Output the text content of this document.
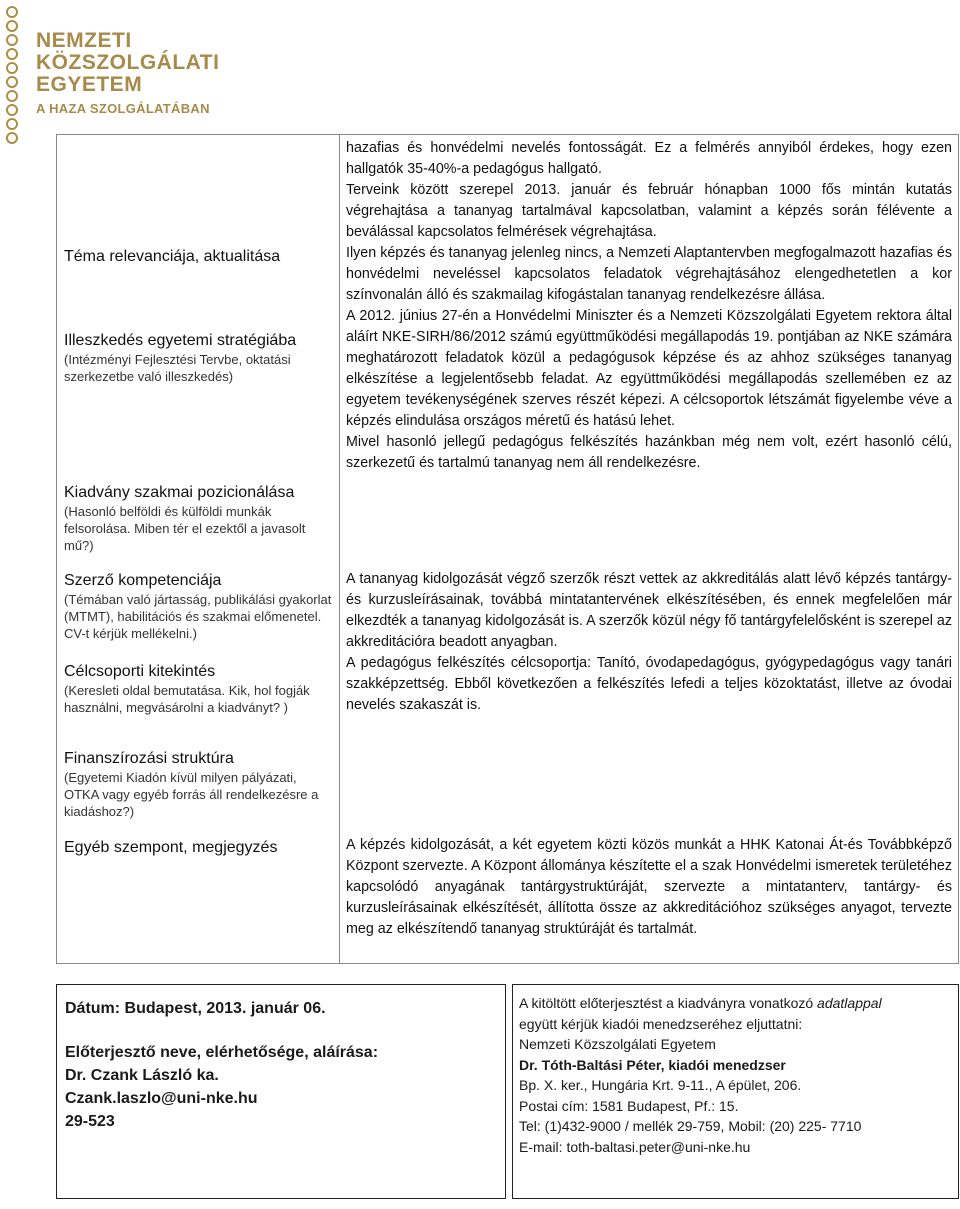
NEMZETI
KÖZSZOLGÁLATI
EGYETEM
A HAZA SZOLGÁLATÁBAN
Téma relevanciája, aktualitása
Illeszkedés egyetemi stratégiába
(Intézményi Fejlesztési Tervbe, oktatási szerkezetbe való illeszkedés)
Kiadvány szakmai pozicionálása
(Hasonló belföldi és külföldi munkák felsorolása. Miben tér el ezektől a javasolt mű?)
Szerző kompetenciája
(Témában való jártasság, publikálási gyakorlat (MTMT), habilitációs és szakmai előmenetel. CV-t kérjük mellékelni.)
Célcsoporti kitekintés
(Keresleti oldal bemutatása. Kik, hol fogják használni, megvásárolni a kiadványt? )
Finanszírozási struktúra
(Egyetemi Kiadón kívül milyen pályázati, OTKA vagy egyéb forrás áll rendelkezésre a kiadáshoz?)
Egyéb szempont, megjegyzés

hazafias és honvédelmi nevelés fontosságát. Ez a felmérés annyiból érdekes, hogy ezen hallgatók 35-40%-a pedagógus hallgató.

Terveink között szerepel 2013. január és február hónapban 1000 fős mintán kutatás végrehajtása a tananyag tartalmával kapcsolatban, valamint a képzés során félévente a beválással kapcsolatos felmérések végrehajtása.

Ilyen képzés és tananyag jelenleg nincs, a Nemzeti Alaptantervben megfogalmazott hazafias és honvédelmi neveléssel kapcsolatos feladatok végrehajtásához elengedhetetlen a kor színvonalán álló és szakmailag kifogástalan tananyag rendelkezésre állása.

A 2012. június 27-én a Honvédelmi Miniszter és a Nemzeti Közszolgálati Egyetem rektora által aláírt NKE-SIRH/86/2012 számú együttműködési megállapodás 19. pontjában az NKE számára meghatározott feladatok közül a pedagógusok képzése és az ahhoz szükséges tananyag elkészítése a legjelentősebb feladat. Az együttműködési megállapodás szellemében ez az egyetem tevékenységének szerves részét képezi. A célcsoportok létszámát figyelembe véve a képzés elindulása országos méretű és hatású lehet.

Mivel hasonló jellegű pedagógus felkészítés hazánkban még nem volt, ezért hasonló célú, szerkezetű és tartalmú tananyag nem áll rendelkezésre.

A tananyag kidolgozását végző szerzők részt vettek az akkreditálás alatt lévő képzés tantárgy- és kurzusleírásainak, továbbá mintatantervének elkészítésében, és ennek megfelelően már elkezdték a tananyag kidolgozását is. A szerzők közül négy fő tantárgyfelelősként is szerepel az akkreditációra beadott anyagban.

A pedagógus felkészítés célcsoportja: Tanító, óvodapedagógus, gyógypedagógus vagy tanári szakképzettség. Ebből következően a felkészítés lefedi a teljes közoktatást, illetve az óvodai nevelés szakaszát is.

A képzés kidolgozását, a két egyetem közti közös munkát a HHK Katonai Át-és Továbbképző Központ szervezte. A Központ állománya készítette el a szak Honvédelmi ismeretek területéhez kapcsolódó anyagának tantárgystruktúráját, szervezte a mintatanterv, tantárgy- és kurzusleírásainak elkészítését, állította össze az akkreditációhoz szükséges anyagot, tervezte meg az elkészítendő tananyag struktúráját és tartalmát.

Dátum: Budapest, 2013. január 06.
Előterjesztő neve, elérhetősége, aláírása:
Dr. Czank László ka.
Czank.laszlo@uni-nke.hu
29-523
A kitöltött előterjesztést a kiadványra vonatkozó adatlappal
együtt kérjük kiadói menedzseréhez eljuttatni:
Nemzeti Közszolgálati Egyetem
Dr. Tóth-Baltási Péter, kiadói menedzser
Bp. X. ker., Hungária Krt. 9-11., A épület, 206.
Postai cím: 1581 Budapest, Pf.: 15.
Tel: (1)432-9000 / mellék 29-759, Mobil: (20) 225- 7710
E-mail: toth-baltasi.peter@uni-nke.hu
